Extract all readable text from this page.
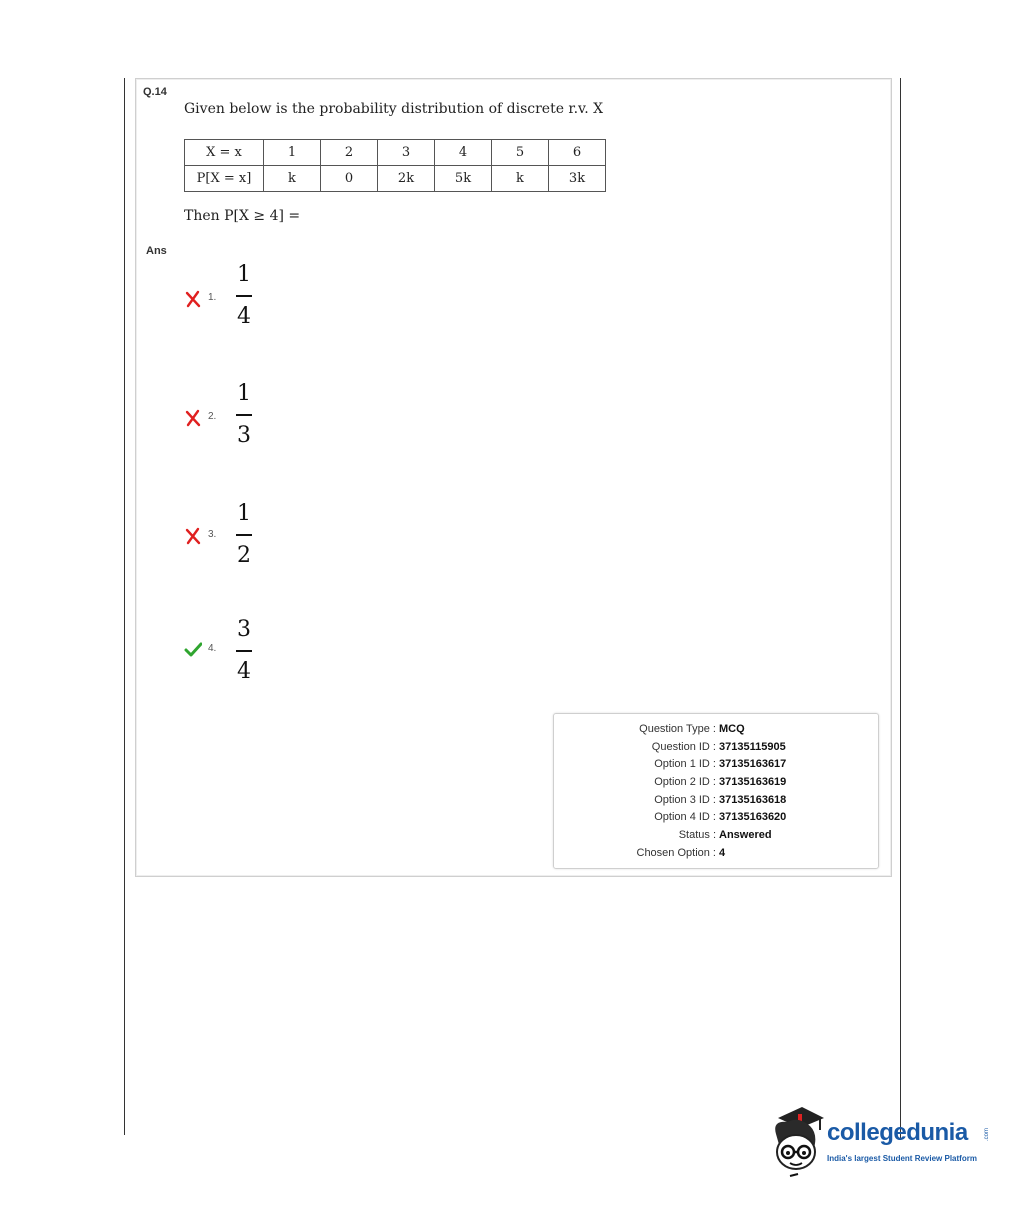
Q.14
Given below is the probability distribution of discrete r.v. X
X = x	1	2	3	4	5	6
P[X = x]	k	0	2k	5k	k	3k
Then P[X ≥ 4] =
Ans
1.
1
4
2.
1
3
3.
1
2
4.
3
4
Question Type : MCQ
Question ID : 37135115905
Option 1 ID : 37135163617
Option 2 ID : 37135163619
Option 3 ID : 37135163618
Option 4 ID : 37135163620
Status : Answered
Chosen Option : 4
collegedunia	.com
India's largest Student Review Platform
